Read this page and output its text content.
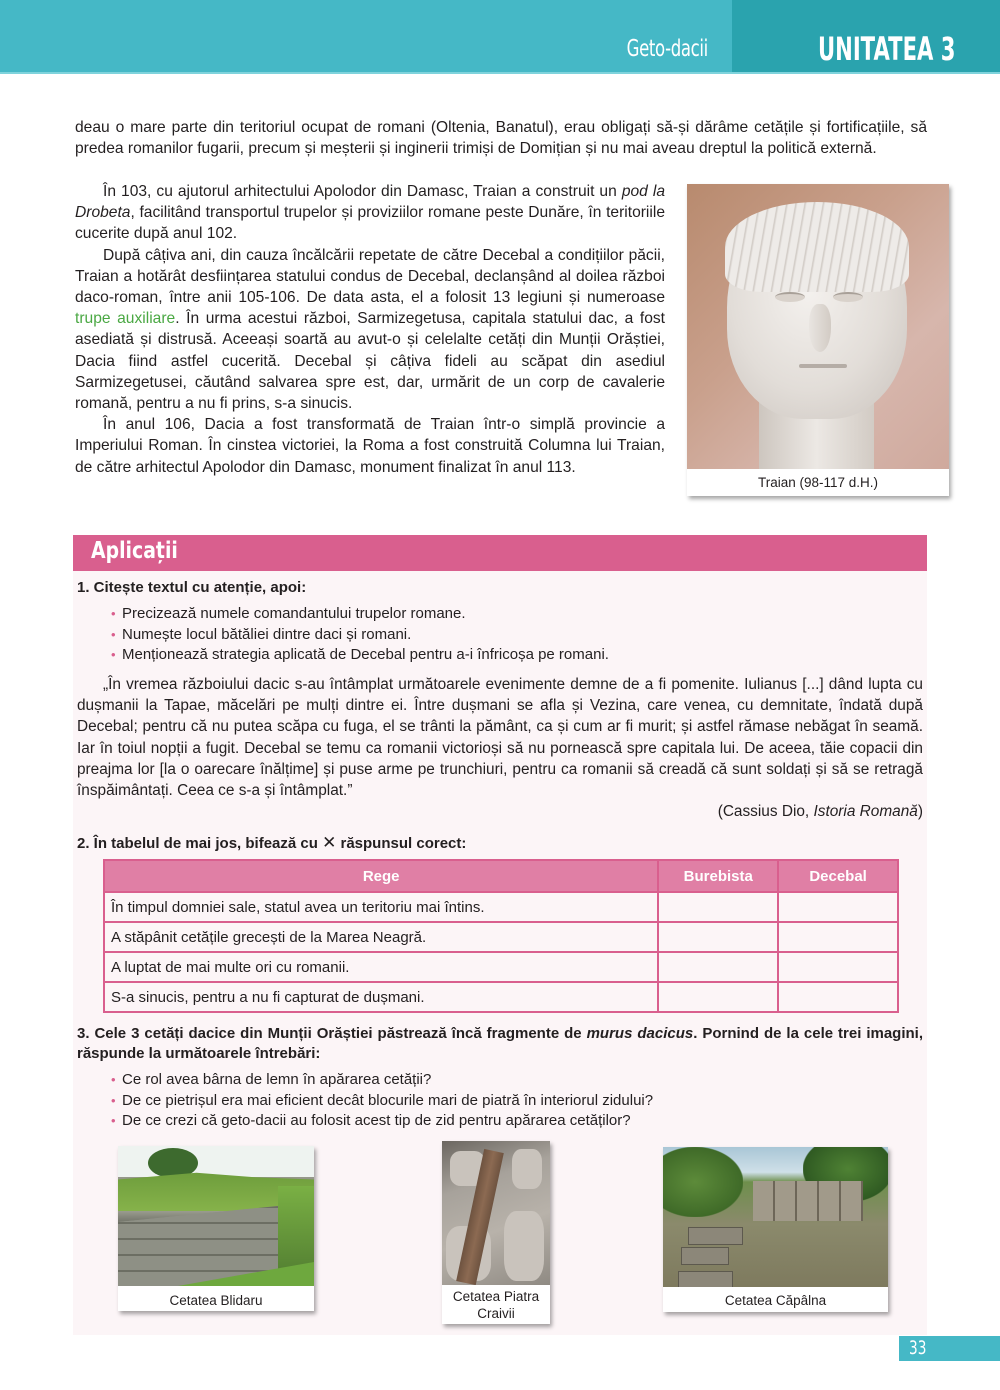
Geto-dacii	UNITATEA 3

deau o mare parte din teritoriul ocupat de romani (Oltenia, Banatul), erau obligați să-și dărâme cetățile și fortificațiile, să predea romanilor fugarii, precum și meșterii și inginerii trimiși de Domițian și nu mai aveau dreptul la politică externă.

În 103, cu ajutorul arhitectului Apolodor din Damasc, Traian a construit un pod la Drobeta, facilitând transportul trupelor și proviziilor romane peste Dunăre, în teritoriile cucerite după anul 102.

După câțiva ani, din cauza încălcării repetate de către Decebal a condițiilor păcii, Traian a hotărât desființarea statului condus de Decebal, declanșând al doilea război daco-roman, între anii 105-106. De data asta, el a folosit 13 legiuni și numeroase trupe auxiliare. În urma acestui război, Sarmizegetusa, capitala statului dac, a fost asediată și distrusă. Aceeași soartă au avut-o și celelalte cetăți din Munții Orăștiei, Dacia fiind astfel cucerită. Decebal și câțiva fideli au scăpat din asediul Sarmizegetusei, căutând salvarea spre est, dar, urmărit de un corp de cavalerie romană, pentru a nu fi prins, s-a sinucis.

În anul 106, Dacia a fost transformată de Traian într-o simplă provincie a Imperiului Roman. În cinstea victoriei, la Roma a fost construită Columna lui Traian, de către arhitectul Apolodor din Damasc, monument finalizat în anul 113.

Traian (98-117 d.H.)
Aplicații
1. Citește textul cu atenție, apoi:
• Precizează numele comandantului trupelor romane.
• Numește locul bătăliei dintre daci și romani.
• Menționează strategia aplicată de Decebal pentru a-i înfricoșa pe romani.

„În vremea războiului dacic s-au întâmplat următoarele evenimente demne de a fi pomenite. Iulianus [...] dând lupta cu dușmanii la Tapae, măcelări pe mulți dintre ei. Între dușmani se afla și Vezina, care venea, cu demnitate, îndată după Decebal; pentru că nu putea scăpa cu fuga, el se trânti la pământ, ca și cum ar fi murit; și astfel rămase nebăgat în seamă. Iar în toiul nopții a fugit. Decebal se temu ca romanii victorioși să nu pornească spre capitala lui. De aceea, tăie copacii din preajma lor [la o oarecare înălțime] și puse arme pe trunchiuri, pentru ca romanii să creadă că sunt soldați și să se retragă înspăimântați. Ceea ce s-a și întâmplat.”

(Cassius Dio, Istoria Romană)

2. În tabelul de mai jos, bifează cu ✕ răspunsul corect:
Rege	Burebista	Decebal
În timpul domniei sale, statul avea un teritoriu mai întins.		
A stăpânit cetățile grecești de la Marea Neagră.		
A luptat de mai multe ori cu romanii.		
S-a sinucis, pentru a nu fi capturat de dușmani.		
3. Cele 3 cetăți dacice din Munții Orăștiei păstrează încă fragmente de murus dacicus. Pornind de la cele trei imagini, răspunde la următoarele întrebări:
• Ce rol avea bârna de lemn în apărarea cetății?
• De ce pietrișul era mai eficient decât blocurile mari de piatră în interiorul zidului?
• De ce crezi că geto-dacii au folosit acest tip de zid pentru apărarea cetăților?
Cetatea Blidaru	Cetatea Piatra
Craivii
Cetatea Căpâlna
33
